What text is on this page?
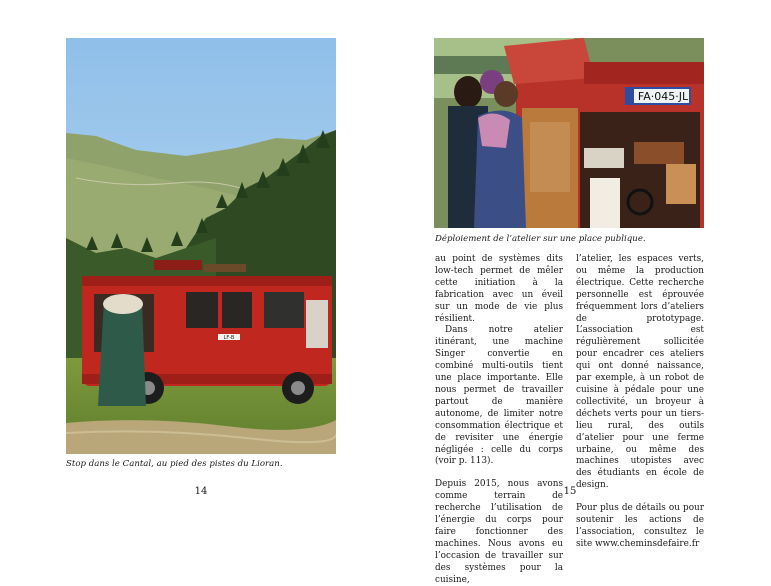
LF-B
Stop dans le Cantal, au pied des pistes du Lioran.
14
FA·045·JL
Déploiement de l’atelier sur une place publique.

au point de systèmes dits low-tech permet de mêler cette initiation à la fabrication avec un éveil sur un mode de vie plus résilient.

Dans notre atelier itinérant, une machine Singer convertie en combiné multi-outils tient une place importante. Elle nous permet de travailler partout de manière autonome, de limiter notre consommation électrique et de revisiter une énergie négligée : celle du corps (voir p. 113).

Depuis 2015, nous avons comme terrain de recherche l’utilisation de l’énergie du corps pour faire fonctionner des machines. Nous avons eu l’occasion de travailler sur des systèmes pour la cuisine,

l’atelier, les espaces verts, ou même la production électrique. Cette recherche personnelle est éprouvée fréquemment lors d’ateliers de prototypage. L’association est régulièrement sollicitée pour encadrer ces ateliers qui ont donné naissance, par exemple, à un robot de cuisine à pédale pour une collectivité, un broyeur à déchets verts pour un tiers-lieu rural, des outils d’atelier pour une ferme urbaine, ou même des machines utopistes avec des étudiants en école de design.

Pour plus de détails ou pour soutenir les actions de l’association, consultez le site www.cheminsdefaire.fr

15
